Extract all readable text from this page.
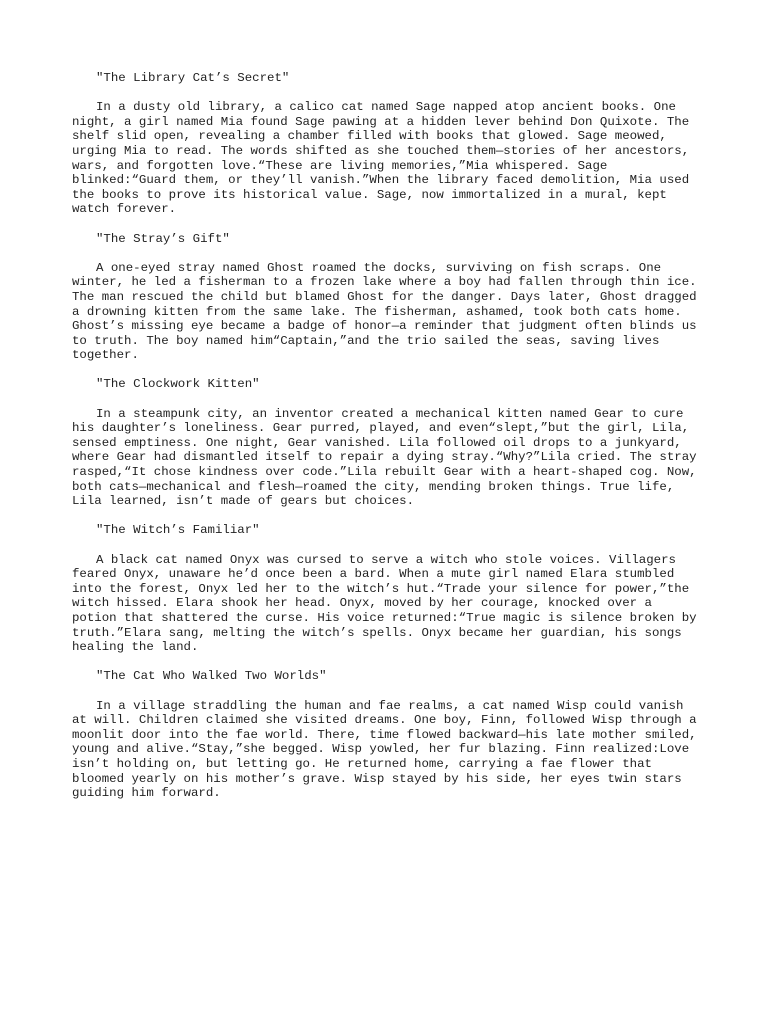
"The Library Cat’s Secret"

In a dusty old library, a calico cat named Sage napped atop ancient books. One night, a girl named Mia found Sage pawing at a hidden lever behind Don Quixote. The shelf slid open, revealing a chamber filled with books that glowed. Sage meowed, urging Mia to read. The words shifted as she touched them—stories of her ancestors, wars, and forgotten love.“These are living memories,”Mia whispered. Sage blinked:“Guard them, or they’ll vanish.”When the library faced demolition, Mia used the books to prove its historical value. Sage, now immortalized in a mural, kept watch forever.

"The Stray’s Gift"

A one-eyed stray named Ghost roamed the docks, surviving on fish scraps. One winter, he led a fisherman to a frozen lake where a boy had fallen through thin ice. The man rescued the child but blamed Ghost for the danger. Days later, Ghost dragged a drowning kitten from the same lake. The fisherman, ashamed, took both cats home. Ghost’s missing eye became a badge of honor—a reminder that judgment often blinds us to truth. The boy named him“Captain,”and the trio sailed the seas, saving lives together.

"The Clockwork Kitten"

In a steampunk city, an inventor created a mechanical kitten named Gear to cure his daughter’s loneliness. Gear purred, played, and even“slept,”but the girl, Lila, sensed emptiness. One night, Gear vanished. Lila followed oil drops to a junkyard, where Gear had dismantled itself to repair a dying stray.“Why?”Lila cried. The stray rasped,“It chose kindness over code.”Lila rebuilt Gear with a heart-shaped cog. Now, both cats—mechanical and flesh—roamed the city, mending broken things. True life, Lila learned, isn’t made of gears but choices.

"The Witch’s Familiar"

A black cat named Onyx was cursed to serve a witch who stole voices. Villagers feared Onyx, unaware he’d once been a bard. When a mute girl named Elara stumbled into the forest, Onyx led her to the witch’s hut.“Trade your silence for power,”the witch hissed. Elara shook her head. Onyx, moved by her courage, knocked over a potion that shattered the curse. His voice returned:“True magic is silence broken by truth.”Elara sang, melting the witch’s spells. Onyx became her guardian, his songs healing the land.

"The Cat Who Walked Two Worlds"

In a village straddling the human and fae realms, a cat named Wisp could vanish at will. Children claimed she visited dreams. One boy, Finn, followed Wisp through a moonlit door into the fae world. There, time flowed backward—his late mother smiled, young and alive.“Stay,”she begged. Wisp yowled, her fur blazing. Finn realized:Love isn’t holding on, but letting go. He returned home, carrying a fae flower that bloomed yearly on his mother’s grave. Wisp stayed by his side, her eyes twin stars guiding him forward.
